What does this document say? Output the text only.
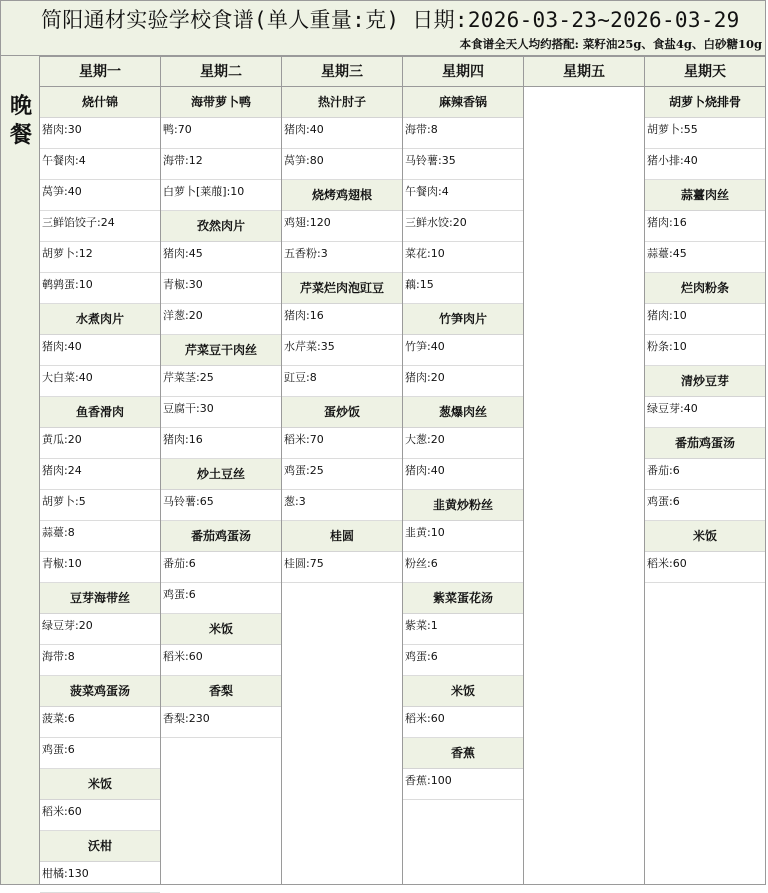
简阳通材实验学校食谱(单人重量:克) 日期:2026-03-23~2026-03-29
本食谱全天人均约搭配: 菜籽油25g、食盐4g、白砂糖10g
晚
餐
星期一
烧什锦
猪肉:30
午餐肉:4
莴笋:40
三鲜馅饺子:24
胡萝卜:12
鹌鹑蛋:10
水煮肉片
猪肉:40
大白菜:40
鱼香滑肉
黄瓜:20
猪肉:24
胡萝卜:5
蒜薹:8
青椒:10
豆芽海带丝
绿豆芽:20
海带:8
菠菜鸡蛋汤
菠菜:6
鸡蛋:6
米饭
稻米:60
沃柑
柑橘:130
星期二
海带萝卜鸭
鸭:70
海带:12
白萝卜[莱菔]:10
孜然肉片
猪肉:45
青椒:30
洋葱:20
芹菜豆干肉丝
芹菜茎:25
豆腐干:30
猪肉:16
炒土豆丝
马铃薯:65
番茄鸡蛋汤
番茄:6
鸡蛋:6
米饭
稻米:60
香梨
香梨:230
星期三
热汁肘子
猪肉:40
莴笋:80
烧烤鸡翅根
鸡翅:120
五香粉:3
芹菜烂肉泡豇豆
猪肉:16
水芹菜:35
豇豆:8
蛋炒饭
稻米:70
鸡蛋:25
葱:3
桂圆
桂圆:75
星期四
麻辣香锅
海带:8
马铃薯:35
午餐肉:4
三鲜水饺:20
菜花:10
藕:15
竹笋肉片
竹笋:40
猪肉:20
葱爆肉丝
大葱:20
猪肉:40
韭黄炒粉丝
韭黄:10
粉丝:6
紫菜蛋花汤
紫菜:1
鸡蛋:6
米饭
稻米:60
香蕉
香蕉:100
星期五	星期天
胡萝卜烧排骨
胡萝卜:55
猪小排:40
蒜薹肉丝
猪肉:16
蒜薹:45
烂肉粉条
猪肉:10
粉条:10
清炒豆芽
绿豆芽:40
番茄鸡蛋汤
番茄:6
鸡蛋:6
米饭
稻米:60
